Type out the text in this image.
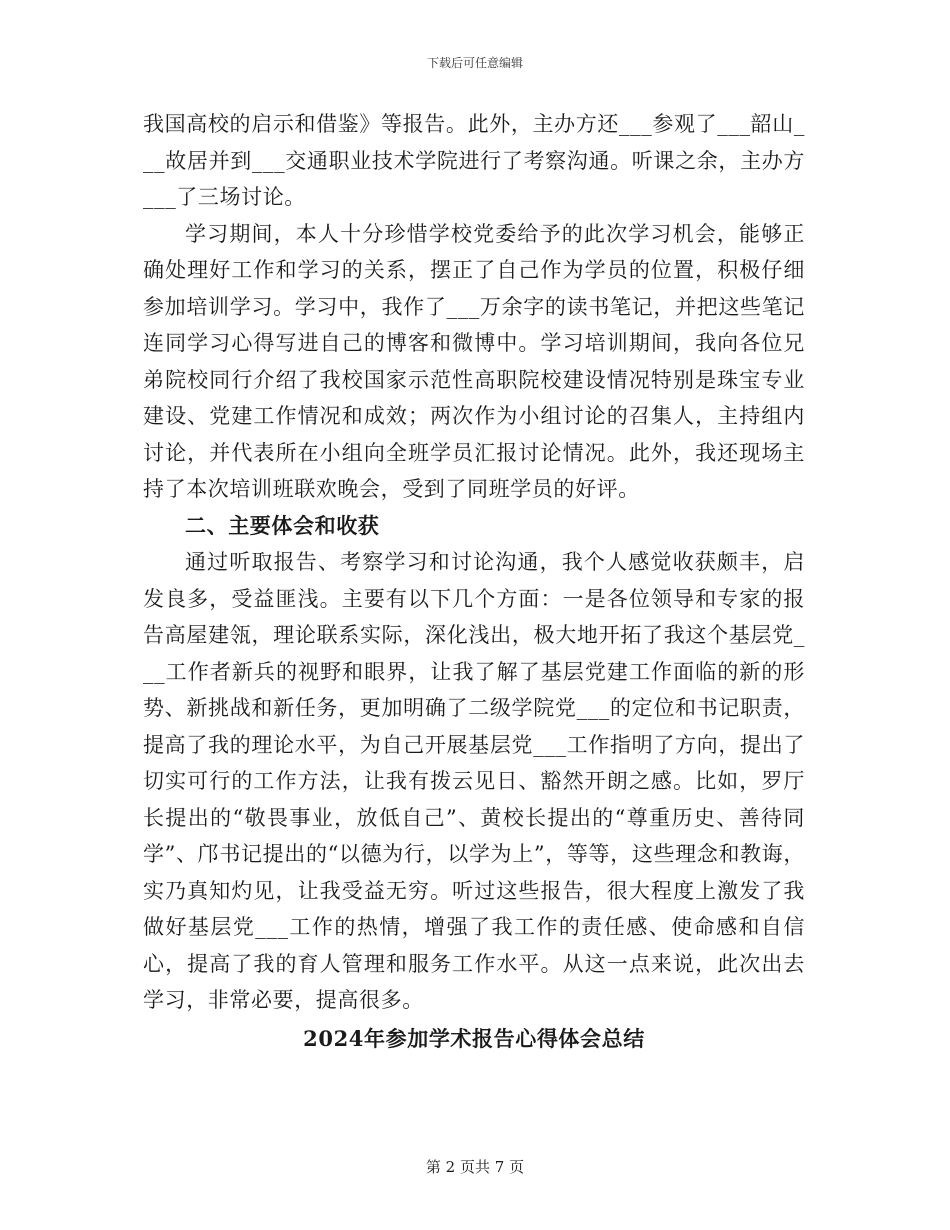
下载后可任意编辑

我国高校的启示和借鉴》等报告。此外，主办方还___参观了___韶山___故居并到___交通职业技术学院进行了考察沟通。听课之余，主办方___了三场讨论。

学习期间，本人十分珍惜学校党委给予的此次学习机会，能够正确处理好工作和学习的关系，摆正了自己作为学员的位置，积极仔细参加培训学习。学习中，我作了___万余字的读书笔记，并把这些笔记连同学习心得写进自己的博客和微博中。学习培训期间，我向各位兄弟院校同行介绍了我校国家示范性高职院校建设情况特别是珠宝专业建设、党建工作情况和成效；两次作为小组讨论的召集人，主持组内讨论，并代表所在小组向全班学员汇报讨论情况。此外，我还现场主持了本次培训班联欢晚会，受到了同班学员的好评。

二、主要体会和收获

通过听取报告、考察学习和讨论沟通，我个人感觉收获颇丰，启发良多，受益匪浅。主要有以下几个方面：一是各位领导和专家的报告高屋建瓴，理论联系实际，深化浅出，极大地开拓了我这个基层党___工作者新兵的视野和眼界，让我了解了基层党建工作面临的新的形势、新挑战和新任务，更加明确了二级学院党___的定位和书记职责，提高了我的理论水平，为自己开展基层党___工作指明了方向，提出了切实可行的工作方法，让我有拨云见日、豁然开朗之感。比如，罗厅长提出的“敬畏事业，放低自己”、黄校长提出的“尊重历史、善待同学”、邝书记提出的“以德为行，以学为上”，等等，这些理念和教诲，实乃真知灼见，让我受益无穷。听过这些报告，很大程度上激发了我做好基层党___工作的热情，增强了我工作的责任感、使命感和自信心，提高了我的育人管理和服务工作水平。从这一点来说，此次出去学习，非常必要，提高很多。

2024年参加学术报告心得体会总结

第 2 页共 7 页
